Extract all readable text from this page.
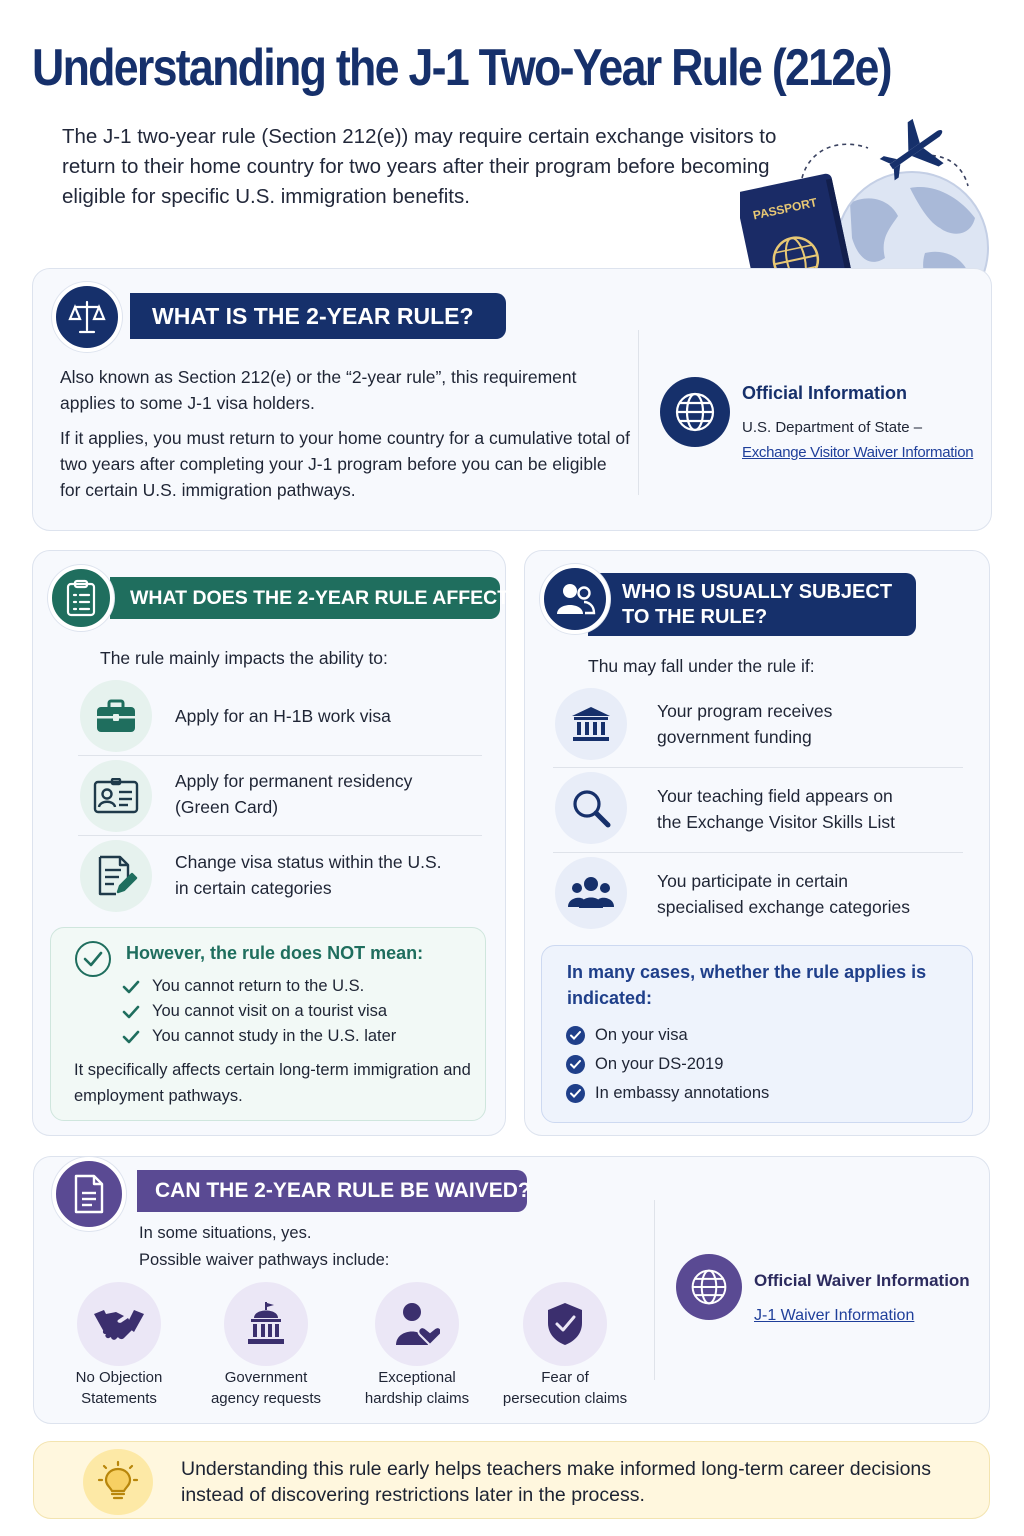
Understanding the J-1 Two-Year Rule (212e)
The J-1 two-year rule (Section 212(e)) may require certain exchange visitors to return to their home country for two years after their program before becoming eligible for specific U.S. immigration benefits.	PASSPORT
WHAT IS THE 2-YEAR RULE?
Also known as Section 212(e) or the “2-year rule”, this requirement applies to some J-1 visa holders.
If it applies, you must return to your home country for a cumulative total of two years after completing your J-1 program before you can be eligible for certain U.S. immigration pathways.
Official Information
U.S. Department of State –
Exchange Visitor Waiver Information
WHAT DOES THE 2-YEAR RULE AFFECT?
The rule mainly impacts the ability to:
Apply for an H-1B work visa
Apply for permanent residency
(Green Card)
Change visa status within the U.S.
in certain categories
However, the rule does NOT mean:
You cannot return to the U.S.
You cannot visit on a tourist visa
You cannot study in the U.S. later
It specifically affects certain long-term immigration and employment pathways.
WHO IS USUALLY SUBJECT
TO THE RULE?
Thu may fall under the rule if:
Your program receives
government funding
Your teaching field appears on
the Exchange Visitor Skills List
You participate in certain
specialised exchange categories
In many cases, whether the rule applies is indicated:
On your visa
On your DS-2019
In embassy annotations
CAN THE 2-YEAR RULE BE WAIVED?
In some situations, yes.
Possible waiver pathways include:
No Objection
Statements
Government
agency requests
Exceptional
hardship claims
Fear of
persecution claims
Official Waiver Information
J-1 Waiver Information
Understanding this rule early helps teachers make informed long-term career decisions instead of discovering restrictions later in the process.
